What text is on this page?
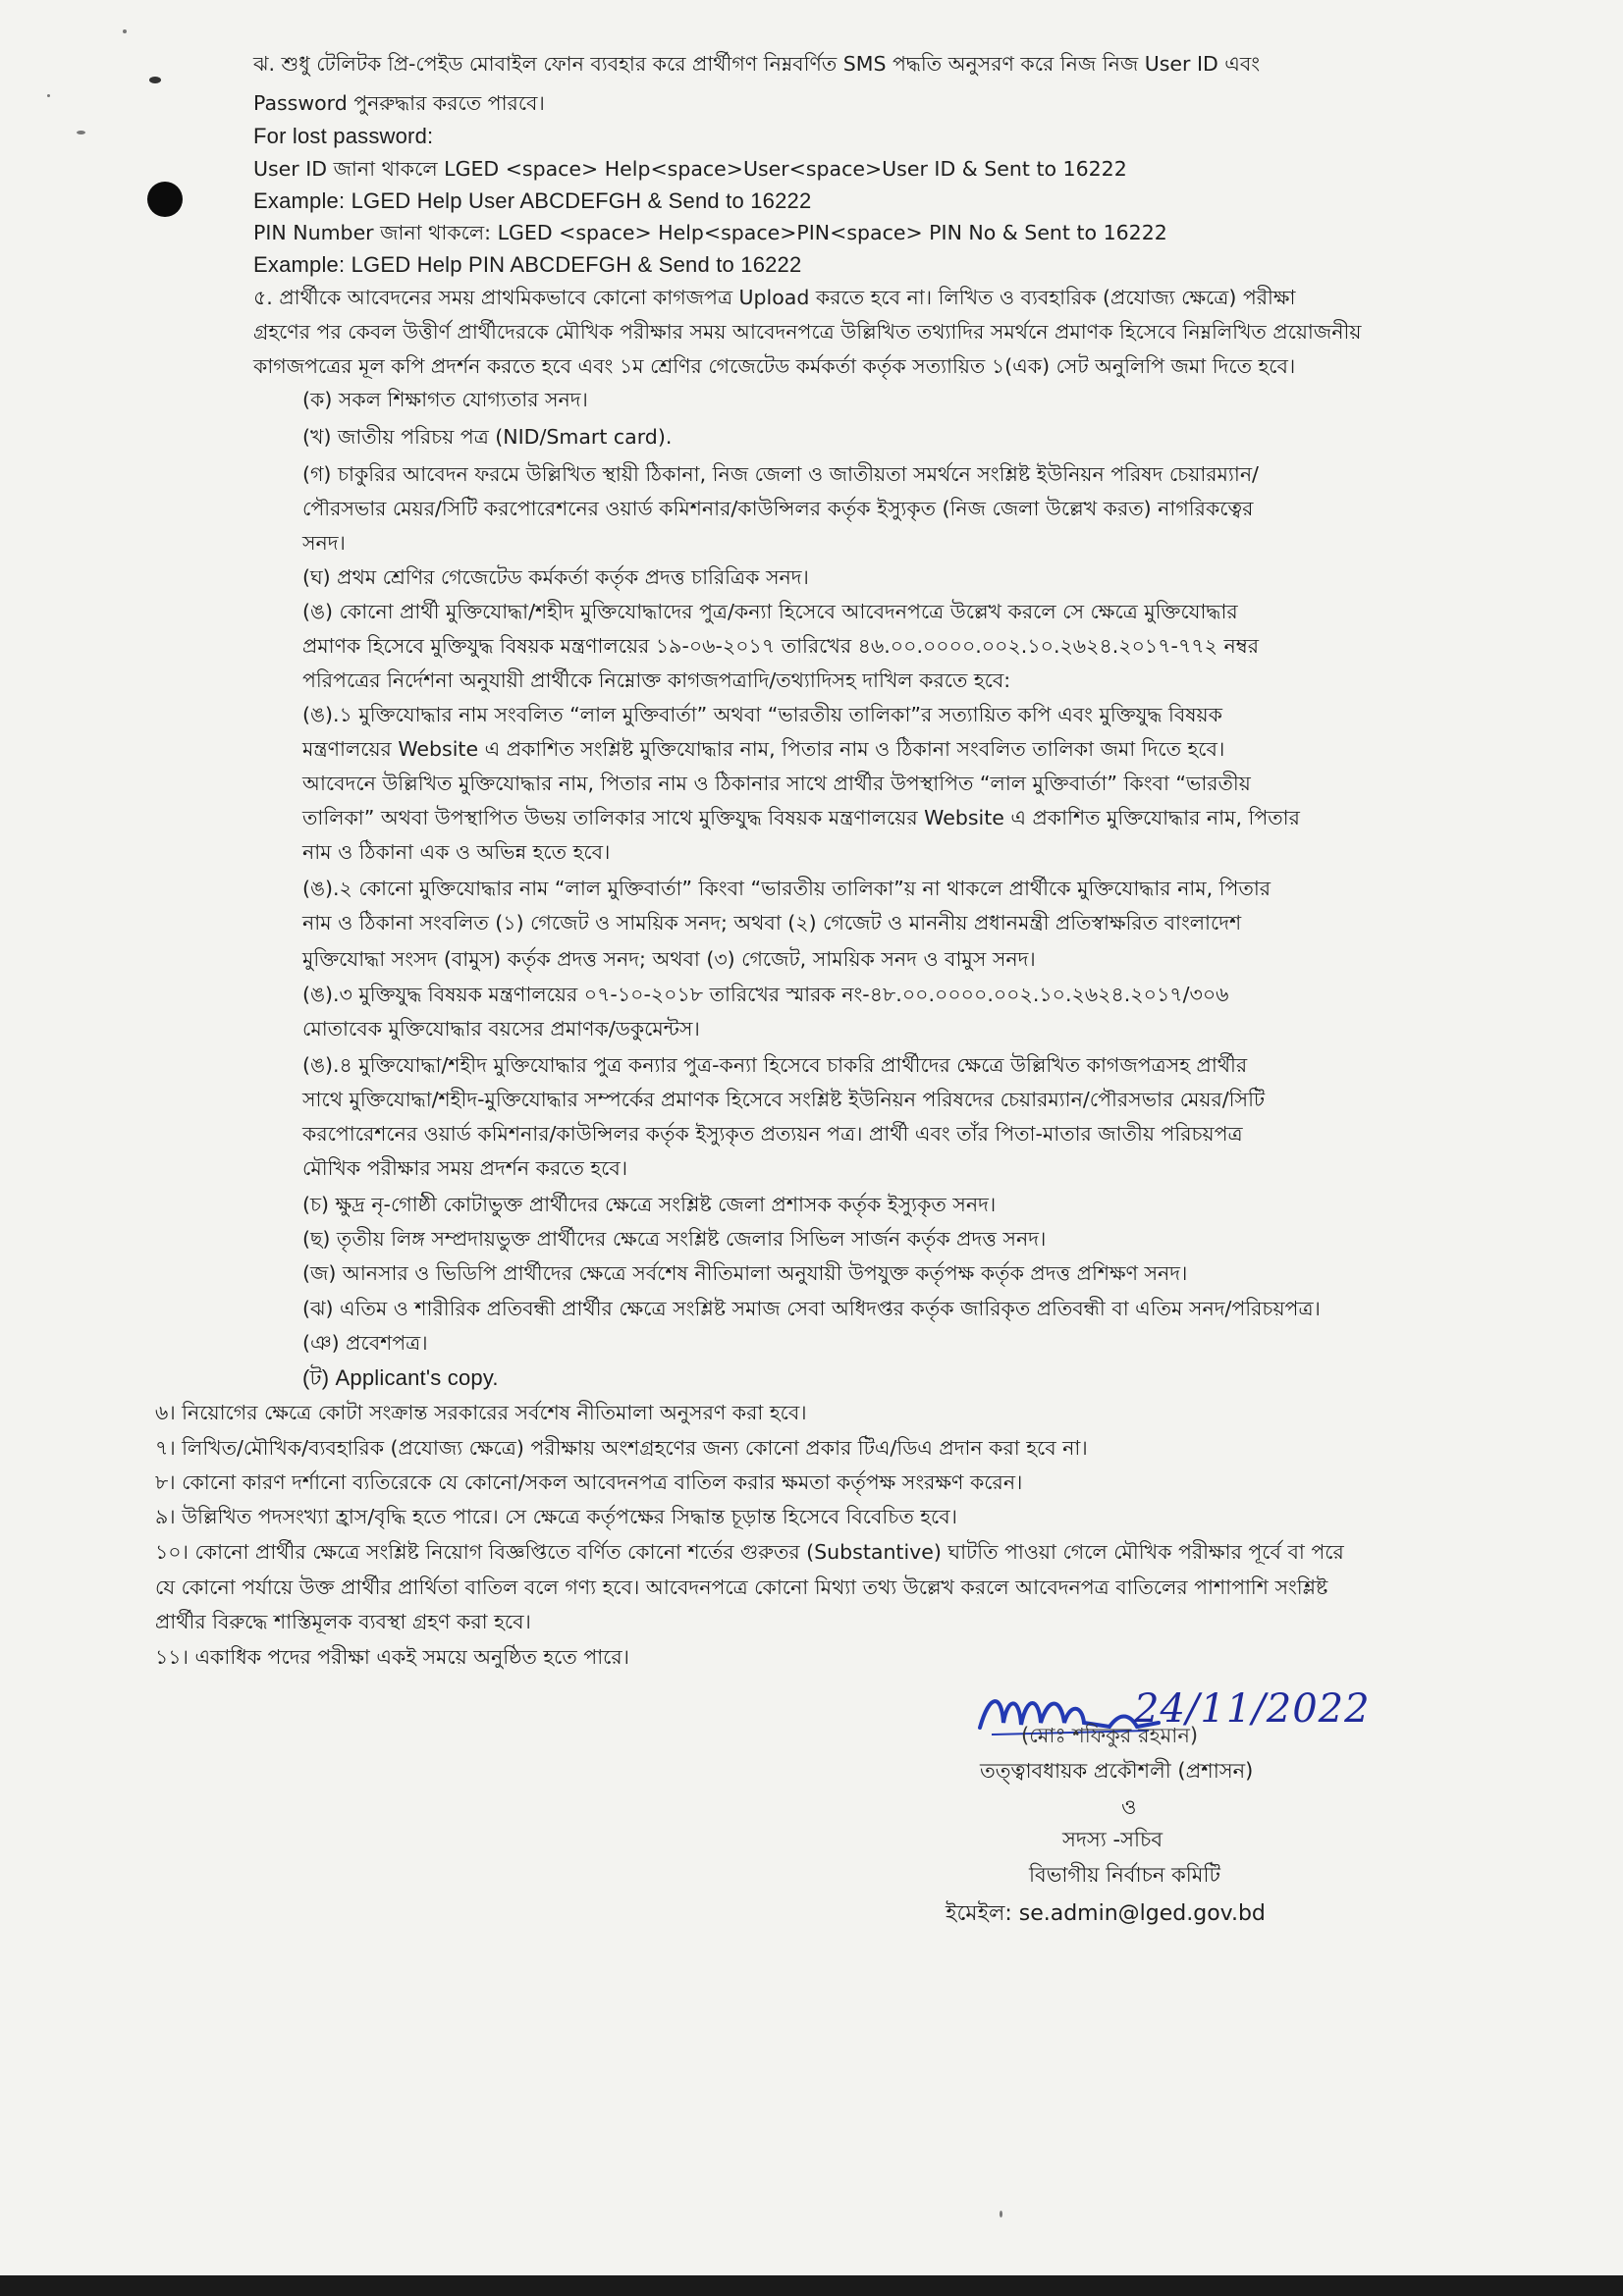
ঝ. শুধু টেলিটক প্রি-পেইড মোবাইল ফোন ব্যবহার করে প্রার্থীগণ নিম্নবর্ণিত SMS পদ্ধতি অনুসরণ করে নিজ নিজ User ID এবং
Password পুনরুদ্ধার করতে পারবে।
For lost password:
User ID জানা থাকলে LGED <space> Help<space>User<space>User ID & Sent to 16222
Example: LGED Help User ABCDEFGH & Send to 16222
PIN Number জানা থাকলে: LGED <space> Help<space>PIN<space> PIN No & Sent to 16222
Example: LGED Help PIN ABCDEFGH & Send to 16222
৫. প্রার্থীকে আবেদনের সময় প্রাথমিকভাবে কোনো কাগজপত্র Upload করতে হবে না। লিখিত ও ব্যবহারিক (প্রযোজ্য ক্ষেত্রে) পরীক্ষা
গ্রহণের পর কেবল উত্তীর্ণ প্রার্থীদেরকে মৌখিক পরীক্ষার সময় আবেদনপত্রে উল্লিখিত তথ্যাদির সমর্থনে প্রমাণক হিসেবে নিম্নলিখিত প্রয়োজনীয়
কাগজপত্রের মূল কপি প্রদর্শন করতে হবে এবং ১ম শ্রেণির গেজেটেড কর্মকর্তা কর্তৃক সত্যায়িত ১(এক) সেট অনুলিপি জমা দিতে হবে।
(ক) সকল শিক্ষাগত যোগ্যতার সনদ।
(খ) জাতীয় পরিচয় পত্র (NID/Smart card).
(গ) চাকুরির আবেদন ফরমে উল্লিখিত স্থায়ী ঠিকানা, নিজ জেলা ও জাতীয়তা সমর্থনে সংশ্লিষ্ট ইউনিয়ন পরিষদ চেয়ারম্যান/
পৌরসভার মেয়র/সিটি করপোরেশনের ওয়ার্ড কমিশনার/কাউন্সিলর কর্তৃক ইস্যুকৃত (নিজ জেলা উল্লেখ করত) নাগরিকত্বের
সনদ।
(ঘ) প্রথম শ্রেণির গেজেটেড কর্মকর্তা কর্তৃক প্রদত্ত চারিত্রিক সনদ।
(ঙ) কোনো প্রার্থী মুক্তিযোদ্ধা/শহীদ মুক্তিযোদ্ধাদের পুত্র/কন্যা হিসেবে আবেদনপত্রে উল্লেখ করলে সে ক্ষেত্রে মুক্তিযোদ্ধার
প্রমাণক হিসেবে মুক্তিযুদ্ধ বিষয়ক মন্ত্রণালয়ের ১৯-০৬-২০১৭ তারিখের ৪৬.০০.০০০০.০০২.১০.২৬২৪.২০১৭-৭৭২ নম্বর
পরিপত্রের নির্দেশনা অনুযায়ী প্রার্থীকে নিম্নোক্ত কাগজপত্রাদি/তথ্যাদিসহ দাখিল করতে হবে:
(ঙ).১ মুক্তিযোদ্ধার নাম সংবলিত “লাল মুক্তিবার্তা” অথবা “ভারতীয় তালিকা”র সত্যায়িত কপি এবং মুক্তিযুদ্ধ বিষয়ক
মন্ত্রণালয়ের Website এ প্রকাশিত সংশ্লিষ্ট মুক্তিযোদ্ধার নাম, পিতার নাম ও ঠিকানা সংবলিত তালিকা জমা দিতে হবে।
আবেদনে উল্লিখিত মুক্তিযোদ্ধার নাম, পিতার নাম ও ঠিকানার সাথে প্রার্থীর উপস্থাপিত “লাল মুক্তিবার্তা” কিংবা “ভারতীয়
তালিকা” অথবা উপস্থাপিত উভয় তালিকার সাথে মুক্তিযুদ্ধ বিষয়ক মন্ত্রণালয়ের Website এ প্রকাশিত মুক্তিযোদ্ধার নাম, পিতার
নাম ও ঠিকানা এক ও অভিন্ন হতে হবে।
(ঙ).২ কোনো মুক্তিযোদ্ধার নাম “লাল মুক্তিবার্তা” কিংবা “ভারতীয় তালিকা”য় না থাকলে প্রার্থীকে মুক্তিযোদ্ধার নাম, পিতার
নাম ও ঠিকানা সংবলিত (১) গেজেট ও সাময়িক সনদ; অথবা (২) গেজেট ও মাননীয় প্রধানমন্ত্রী প্রতিস্বাক্ষরিত বাংলাদেশ
মুক্তিযোদ্ধা সংসদ (বামুস) কর্তৃক প্রদত্ত সনদ; অথবা (৩) গেজেট, সাময়িক সনদ ও বামুস সনদ।
(ঙ).৩ মুক্তিযুদ্ধ বিষয়ক মন্ত্রণালয়ের ০৭-১০-২০১৮ তারিখের স্মারক নং-৪৮.০০.০০০০.০০২.১০.২৬২৪.২০১৭/৩০৬
মোতাবেক মুক্তিযোদ্ধার বয়সের প্রমাণক/ডকুমেন্টস।
(ঙ).৪ মুক্তিযোদ্ধা/শহীদ মুক্তিযোদ্ধার পুত্র কন্যার পুত্র-কন্যা হিসেবে চাকরি প্রার্থীদের ক্ষেত্রে উল্লিখিত কাগজপত্রসহ প্রার্থীর
সাথে মুক্তিযোদ্ধা/শহীদ-মুক্তিযোদ্ধার সম্পর্কের প্রমাণক হিসেবে সংশ্লিষ্ট ইউনিয়ন পরিষদের চেয়ারম্যান/পৌরসভার মেয়র/সিটি
করপোরেশনের ওয়ার্ড কমিশনার/কাউন্সিলর কর্তৃক ইস্যুকৃত প্রত্যয়ন পত্র। প্রার্থী এবং তাঁর পিতা-মাতার জাতীয় পরিচয়পত্র
মৌখিক পরীক্ষার সময় প্রদর্শন করতে হবে।
(চ) ক্ষুদ্র নৃ-গোষ্ঠী কোটাভুক্ত প্রার্থীদের ক্ষেত্রে সংশ্লিষ্ট জেলা প্রশাসক কর্তৃক ইস্যুকৃত সনদ।
(ছ) তৃতীয় লিঙ্গ সম্প্রদায়ভুক্ত প্রার্থীদের ক্ষেত্রে সংশ্লিষ্ট জেলার সিভিল সার্জন কর্তৃক প্রদত্ত সনদ।
(জ) আনসার ও ভিডিপি প্রার্থীদের ক্ষেত্রে সর্বশেষ নীতিমালা অনুযায়ী উপযুক্ত কর্তৃপক্ষ কর্তৃক প্রদত্ত প্রশিক্ষণ সনদ।
(ঝ) এতিম ও শারীরিক প্রতিবন্ধী প্রার্থীর ক্ষেত্রে সংশ্লিষ্ট সমাজ সেবা অধিদপ্তর কর্তৃক জারিকৃত প্রতিবন্ধী বা এতিম সনদ/পরিচয়পত্র।
(ঞ) প্রবেশপত্র।
(ট) Applicant's copy.
৬। নিয়োগের ক্ষেত্রে কোটা সংক্রান্ত সরকারের সর্বশেষ নীতিমালা অনুসরণ করা হবে।
৭। লিখিত/মৌখিক/ব্যবহারিক (প্রযোজ্য ক্ষেত্রে) পরীক্ষায় অংশগ্রহণের জন্য কোনো প্রকার টিএ/ডিএ প্রদান করা হবে না।
৮। কোনো কারণ দর্শানো ব্যতিরেকে যে কোনো/সকল আবেদনপত্র বাতিল করার ক্ষমতা কর্তৃপক্ষ সংরক্ষণ করেন।
৯। উল্লিখিত পদসংখ্যা হ্রাস/বৃদ্ধি হতে পারে। সে ক্ষেত্রে কর্তৃপক্ষের সিদ্ধান্ত চূড়ান্ত হিসেবে বিবেচিত হবে।
১০। কোনো প্রার্থীর ক্ষেত্রে সংশ্লিষ্ট নিয়োগ বিজ্ঞপ্তিতে বর্ণিত কোনো শর্তের গুরুতর (Substantive) ঘাটতি পাওয়া গেলে মৌখিক পরীক্ষার পূর্বে বা পরে
যে কোনো পর্যায়ে উক্ত প্রার্থীর প্রার্থিতা বাতিল বলে গণ্য হবে। আবেদনপত্রে কোনো মিথ্যা তথ্য উল্লেখ করলে আবেদনপত্র বাতিলের পাশাপাশি সংশ্লিষ্ট
প্রার্থীর বিরুদ্ধে শাস্তিমূলক ব্যবস্থা গ্রহণ করা হবে।
১১। একাধিক পদের পরীক্ষা একই সময়ে অনুষ্ঠিত হতে পারে।
24/11/2022
(মোঃ শফিকুর রহমান)
তত্ত্বাবধায়ক প্রকৌশলী (প্রশাসন)
ও
সদস্য -সচিব
বিভাগীয় নির্বাচন কমিটি
ইমেইল: se.admin@lged.gov.bd
